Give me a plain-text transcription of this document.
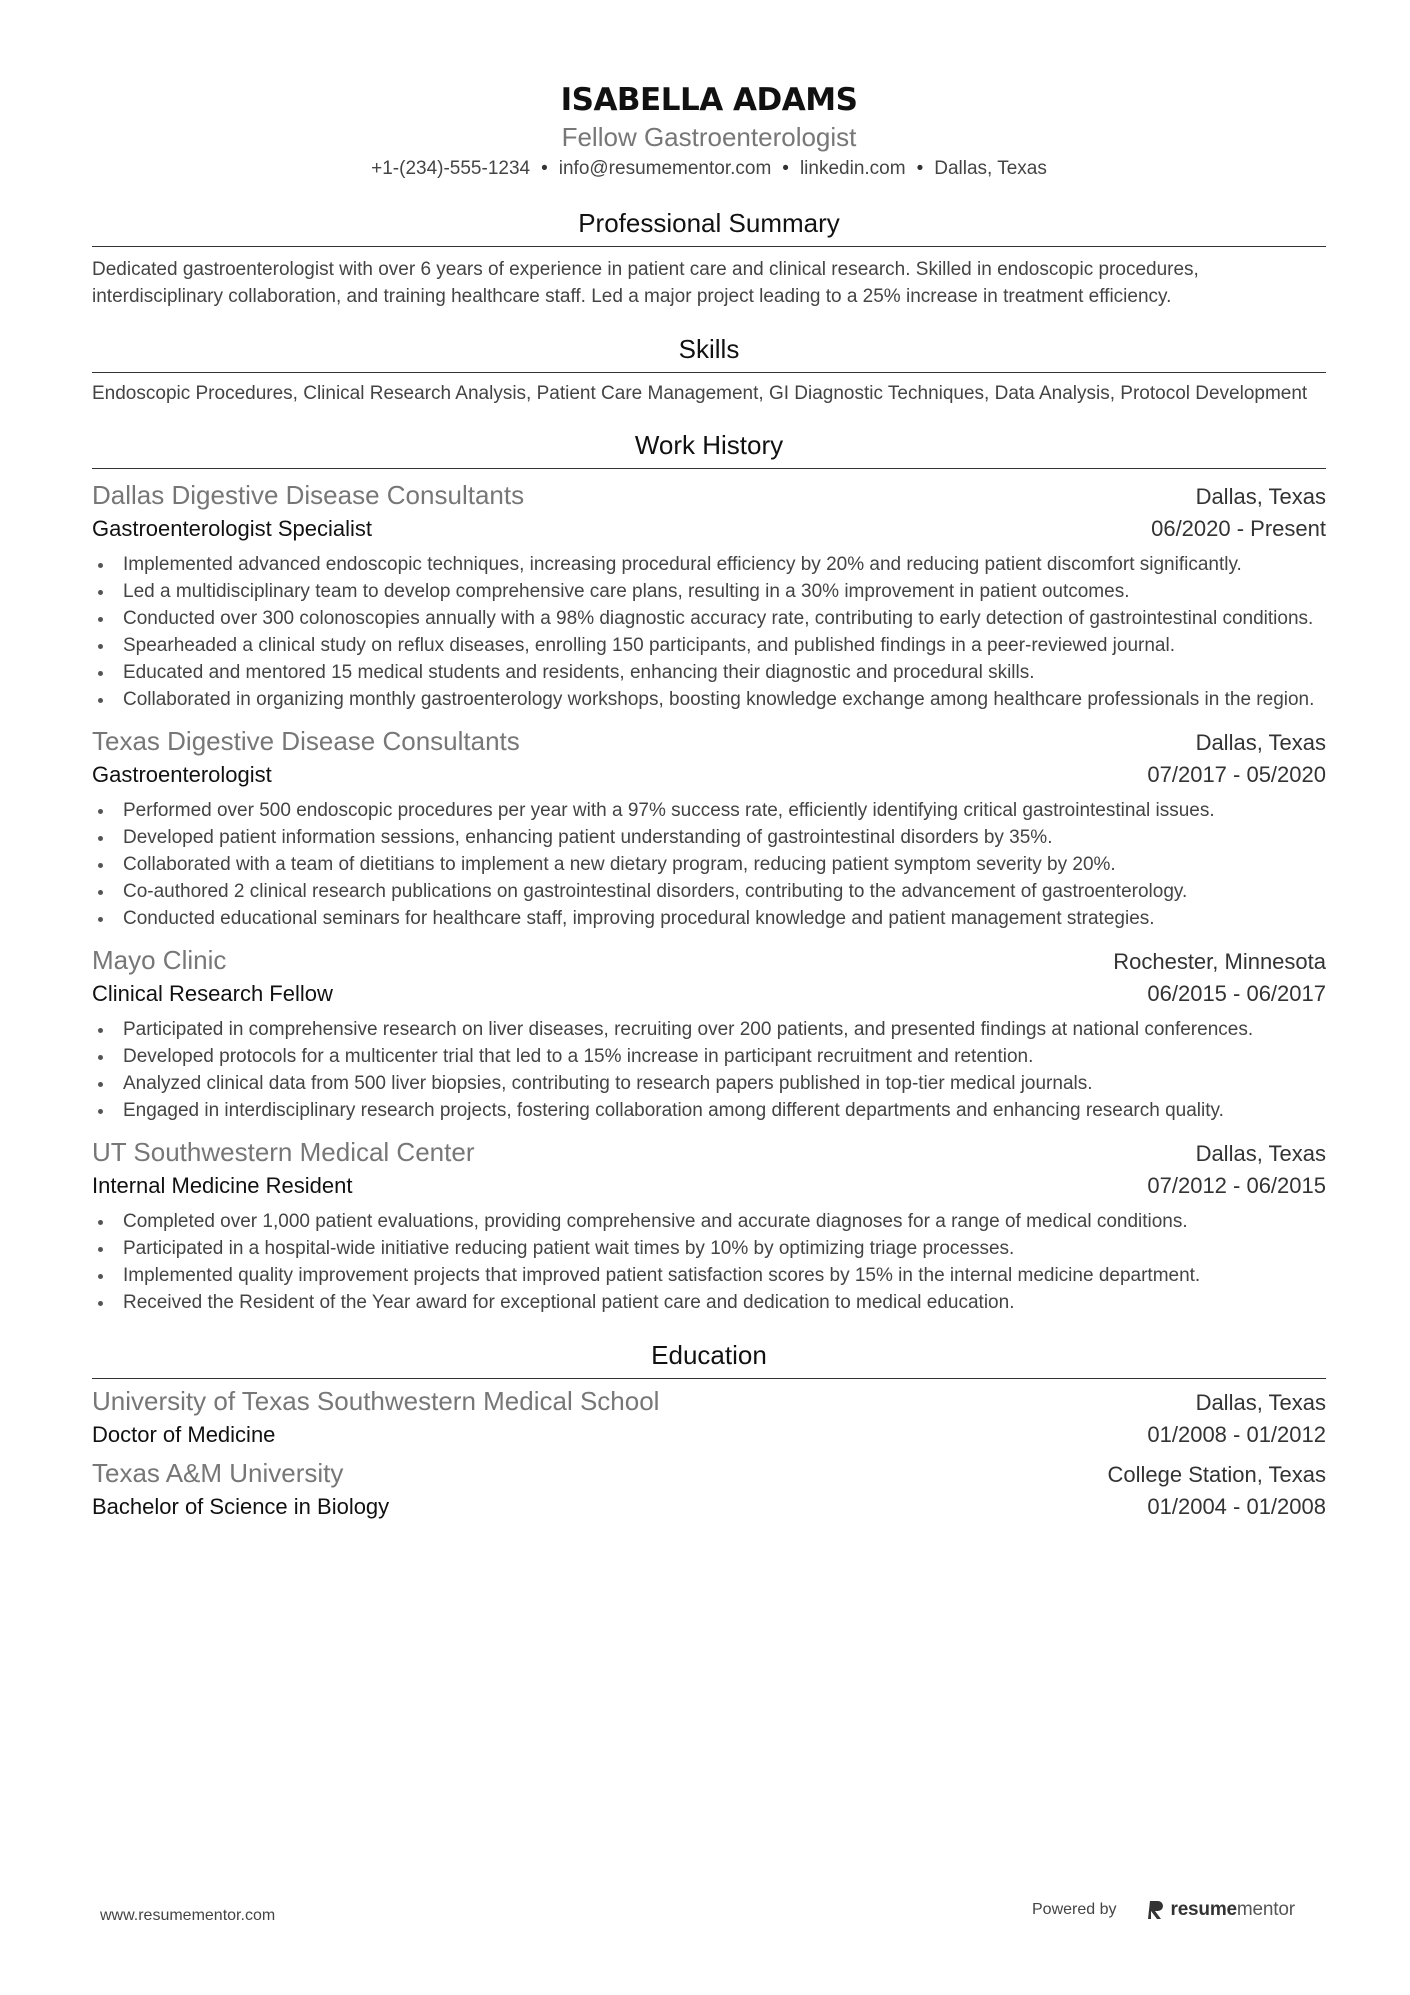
ISABELLA ADAMS
Fellow Gastroenterologist
+1-(234)-555-1234 • info@resumementor.com • linkedin.com • Dallas, Texas
Professional Summary
Dedicated gastroenterologist with over 6 years of experience in patient care and clinical research. Skilled in endoscopic procedures, interdisciplinary collaboration, and training healthcare staff. Led a major project leading to a 25% increase in treatment efficiency.
Skills
Endoscopic Procedures, Clinical Research Analysis, Patient Care Management, GI Diagnostic Techniques, Data Analysis, Protocol Development
Work History
Dallas Digestive Disease Consultants	Dallas, Texas
Gastroenterologist Specialist	06/2020 - Present
Implemented advanced endoscopic techniques, increasing procedural efficiency by 20% and reducing patient discomfort significantly.
Led a multidisciplinary team to develop comprehensive care plans, resulting in a 30% improvement in patient outcomes.
Conducted over 300 colonoscopies annually with a 98% diagnostic accuracy rate, contributing to early detection of gastrointestinal conditions.
Spearheaded a clinical study on reflux diseases, enrolling 150 participants, and published findings in a peer-reviewed journal.
Educated and mentored 15 medical students and residents, enhancing their diagnostic and procedural skills.
Collaborated in organizing monthly gastroenterology workshops, boosting knowledge exchange among healthcare professionals in the region.
Texas Digestive Disease Consultants	Dallas, Texas
Gastroenterologist	07/2017 - 05/2020
Performed over 500 endoscopic procedures per year with a 97% success rate, efficiently identifying critical gastrointestinal issues.
Developed patient information sessions, enhancing patient understanding of gastrointestinal disorders by 35%.
Collaborated with a team of dietitians to implement a new dietary program, reducing patient symptom severity by 20%.
Co-authored 2 clinical research publications on gastrointestinal disorders, contributing to the advancement of gastroenterology.
Conducted educational seminars for healthcare staff, improving procedural knowledge and patient management strategies.
Mayo Clinic	Rochester, Minnesota
Clinical Research Fellow	06/2015 - 06/2017
Participated in comprehensive research on liver diseases, recruiting over 200 patients, and presented findings at national conferences.
Developed protocols for a multicenter trial that led to a 15% increase in participant recruitment and retention.
Analyzed clinical data from 500 liver biopsies, contributing to research papers published in top-tier medical journals.
Engaged in interdisciplinary research projects, fostering collaboration among different departments and enhancing research quality.
UT Southwestern Medical Center	Dallas, Texas
Internal Medicine Resident	07/2012 - 06/2015
Completed over 1,000 patient evaluations, providing comprehensive and accurate diagnoses for a range of medical conditions.
Participated in a hospital-wide initiative reducing patient wait times by 10% by optimizing triage processes.
Implemented quality improvement projects that improved patient satisfaction scores by 15% in the internal medicine department.
Received the Resident of the Year award for exceptional patient care and dedication to medical education.
Education
University of Texas Southwestern Medical School	Dallas, Texas
Doctor of Medicine	01/2008 - 01/2012
Texas A&M University	College Station, Texas
Bachelor of Science in Biology	01/2004 - 01/2008
www.resumementor.com	Powered by	resumementor
